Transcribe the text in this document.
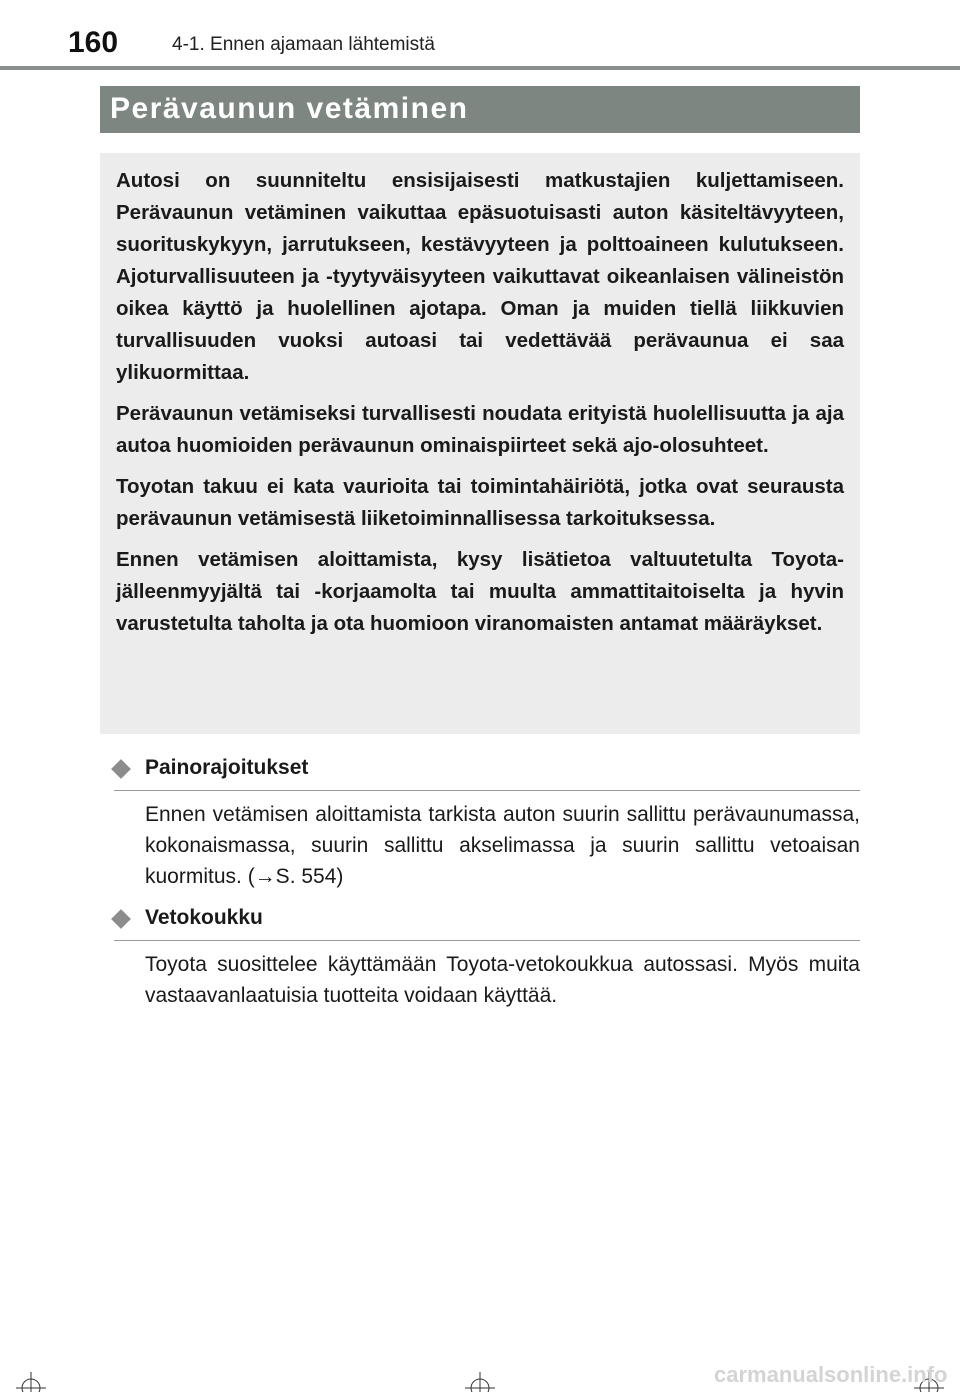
160	4-1. Ennen ajamaan lähtemistä
Perävaunun vetäminen

Autosi on suunniteltu ensisijaisesti matkustajien kuljettamiseen. Perävaunun vetäminen vaikuttaa epäsuotuisasti auton käsiteltävyyteen, suorituskykyyn, jarrutukseen, kestävyyteen ja polttoaineen kulutukseen. Ajoturvallisuuteen ja -tyytyväisyyteen vaikuttavat oikeanlaisen välineistön oikea käyttö ja huolellinen ajotapa. Oman ja muiden tiellä liikkuvien turvallisuuden vuoksi autoasi tai vedettävää perävaunua ei saa ylikuormittaa.

Perävaunun vetämiseksi turvallisesti noudata erityistä huolellisuutta ja aja autoa huomioiden perävaunun ominaispiirteet sekä ajo-olosuhteet.

Toyotan takuu ei kata vaurioita tai toimintahäiriötä, jotka ovat seurausta perävaunun vetämisestä liiketoiminnallisessa tarkoituksessa.

Ennen vetämisen aloittamista, kysy lisätietoa valtuutetulta Toyota-jälleenmyyjältä tai -korjaamolta tai muulta ammattitaitoiselta ja hyvin varustetulta taholta ja ota huomioon viranomaisten antamat määräykset.

Painorajoitukset

Ennen vetämisen aloittamista tarkista auton suurin sallittu perävaunumassa, kokonaismassa, suurin sallittu akselimassa ja suurin sallittu vetoaisan kuormitus. (→S. 554)

Vetokoukku

Toyota suosittelee käyttämään Toyota-vetokoukkua autossasi. Myös muita vastaavanlaatuisia tuotteita voidaan käyttää.

carmanualsonline.info
